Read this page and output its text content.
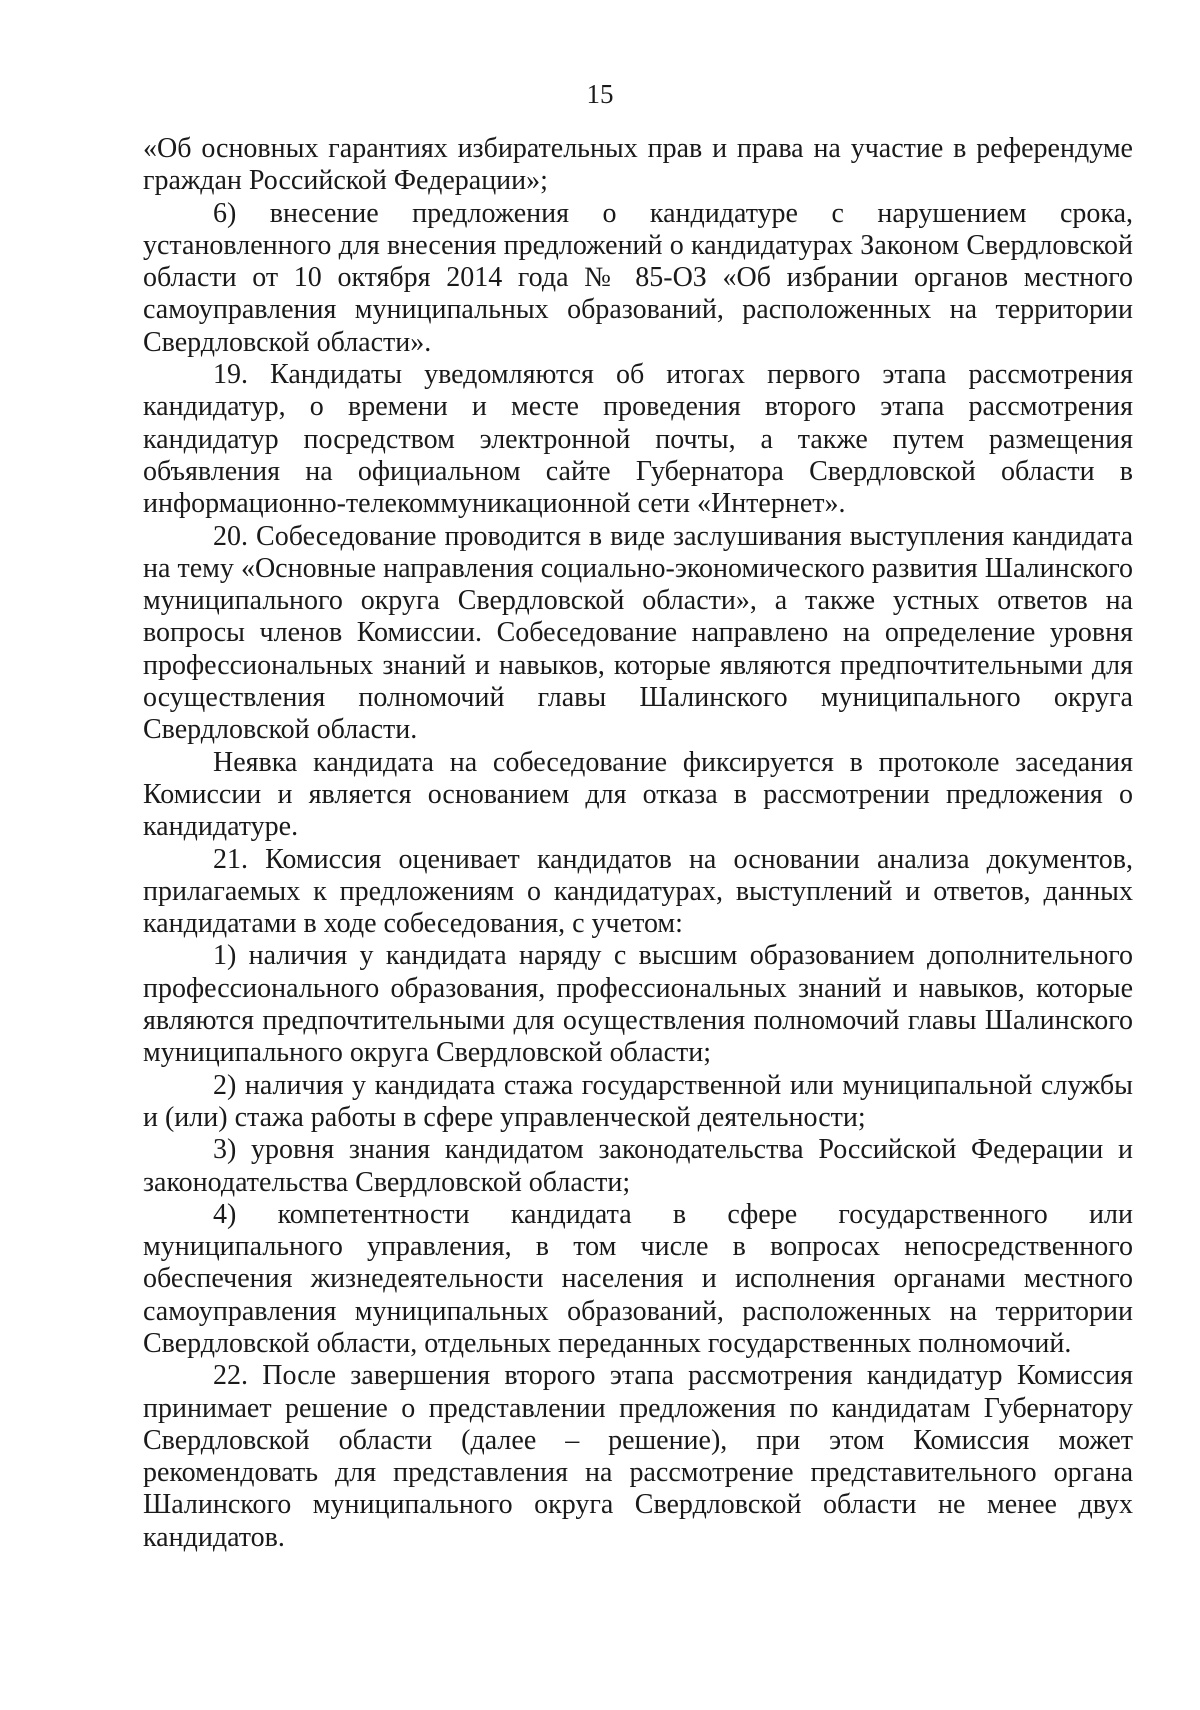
15

«Об основных гарантиях избирательных прав и права на участие в референдуме граждан Российской Федерации»;

6) внесение предложения о кандидатуре с нарушением срока, установленного для внесения предложений о кандидатурах Законом Свердловской области от 10 октября 2014 года № 85-ОЗ «Об избрании органов местного самоуправления муниципальных образований, расположенных на территории Свердловской области».

19. Кандидаты уведомляются об итогах первого этапа рассмотрения кандидатур, о времени и месте проведения второго этапа рассмотрения кандидатур посредством электронной почты, а также путем размещения объявления на официальном сайте Губернатора Свердловской области в информационно-телекоммуникационной сети «Интернет».

20. Собеседование проводится в виде заслушивания выступления кандидата на тему «Основные направления социально-экономического развития Шалинского муниципального округа Свердловской области», а также устных ответов на вопросы членов Комиссии. Собеседование направлено на определение уровня профессиональных знаний и навыков, которые являются предпочтительными для осуществления полномочий главы Шалинского муниципального округа Свердловской области.

Неявка кандидата на собеседование фиксируется в протоколе заседания Комиссии и является основанием для отказа в рассмотрении предложения о кандидатуре.

21. Комиссия оценивает кандидатов на основании анализа документов, прилагаемых к предложениям о кандидатурах, выступлений и ответов, данных кандидатами в ходе собеседования, с учетом:

1) наличия у кандидата наряду с высшим образованием дополнительного профессионального образования, профессиональных знаний и навыков, которые являются предпочтительными для осуществления полномочий главы Шалинского муниципального округа Свердловской области;

2) наличия у кандидата стажа государственной или муниципальной службы и (или) стажа работы в сфере управленческой деятельности;

3) уровня знания кандидатом законодательства Российской Федерации и законодательства Свердловской области;

4) компетентности кандидата в сфере государственного или муниципального управления, в том числе в вопросах непосредственного обеспечения жизнедеятельности населения и исполнения органами местного самоуправления муниципальных образований, расположенных на территории Свердловской области, отдельных переданных государственных полномочий.

22. После завершения второго этапа рассмотрения кандидатур Комиссия принимает решение о представлении предложения по кандидатам Губернатору Свердловской области (далее – решение), при этом Комиссия может рекомендовать для представления на рассмотрение представительного органа Шалинского муниципального округа Свердловской области не менее двух кандидатов.
